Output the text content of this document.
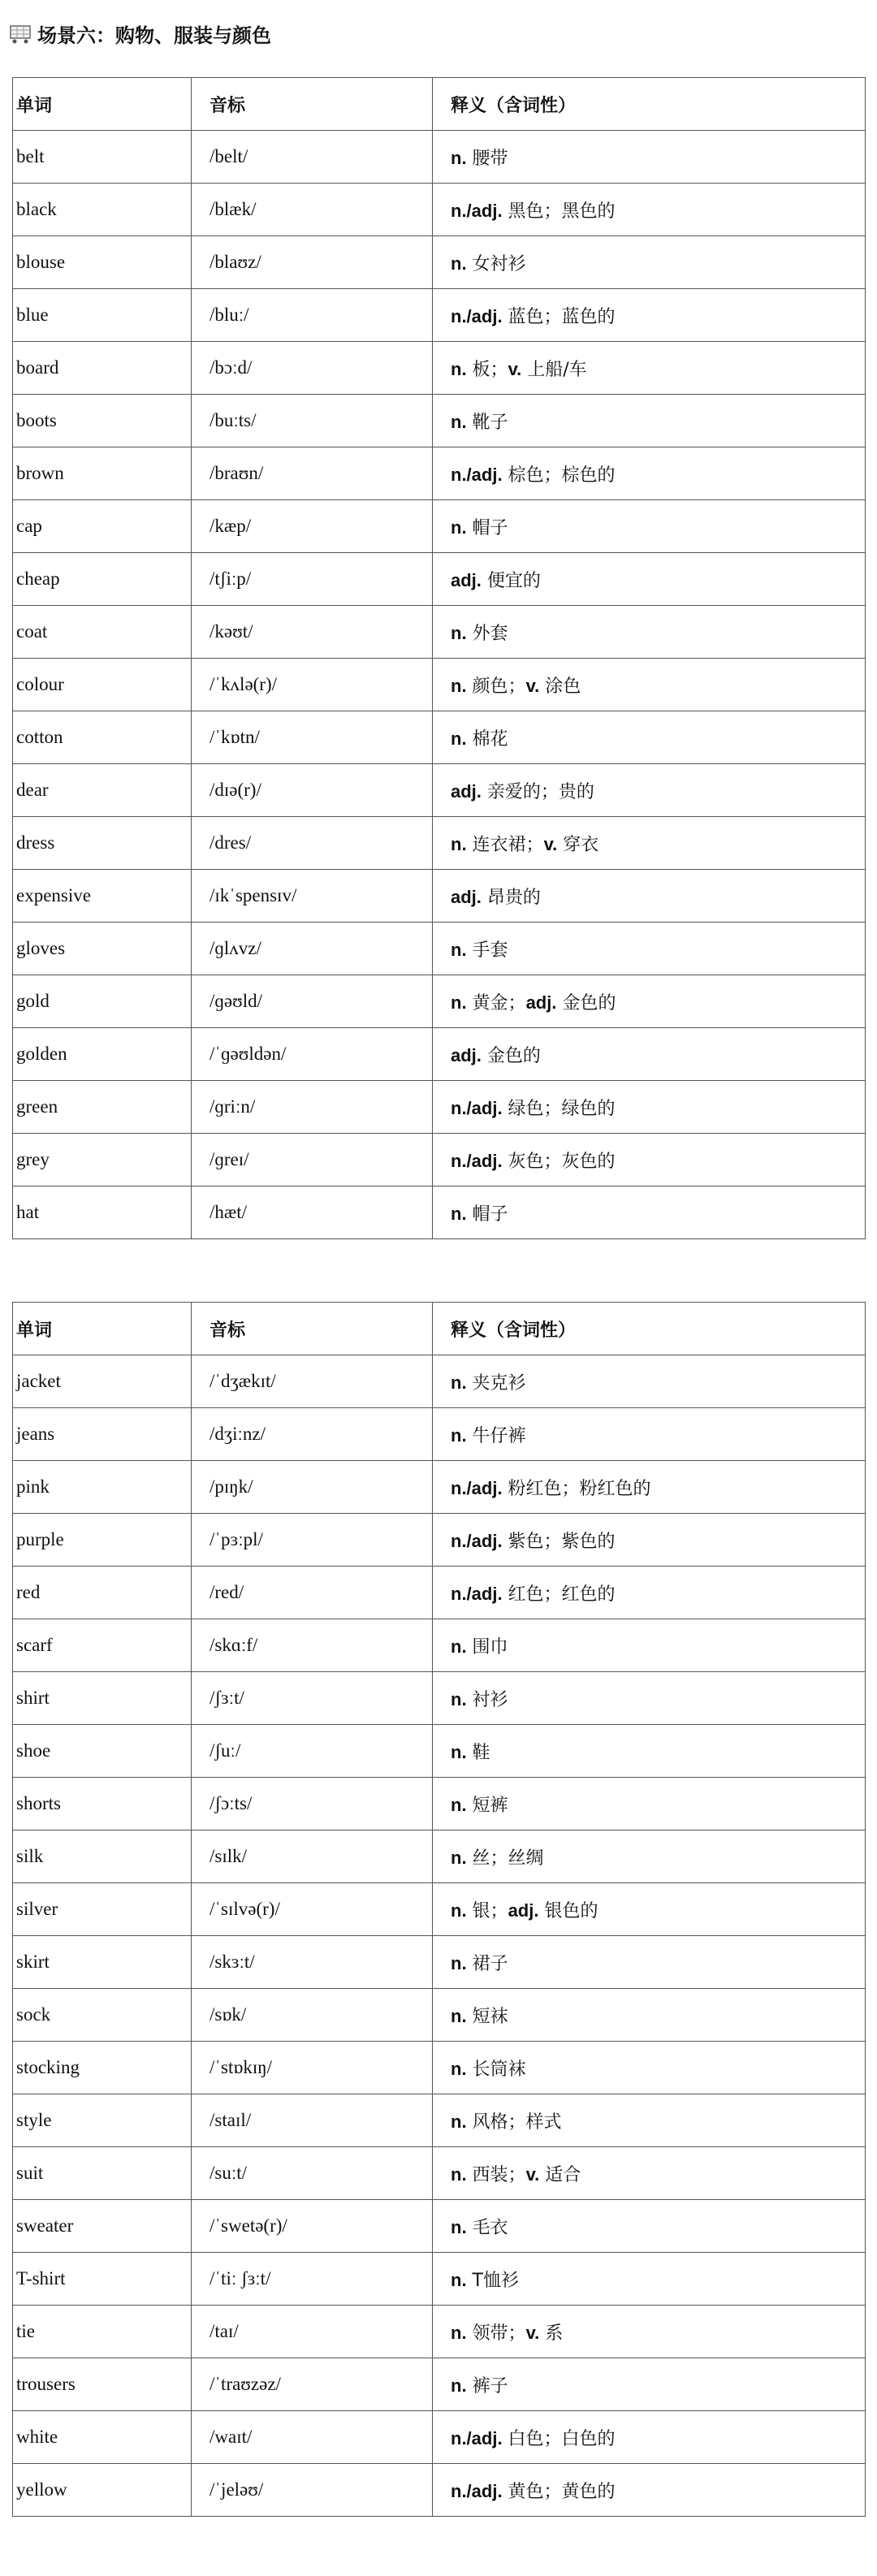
场景六：购物、服装与颜色
单词	音标	释义（含词性）
belt	/belt/	n. 腰带
black	/blæk/	n./adj. 黑色；黑色的
blouse	/blaʊz/	n. 女衬衫
blue	/bluː/	n./adj. 蓝色；蓝色的
board	/bɔːd/	n. 板；v. 上船/车
boots	/buːts/	n. 靴子
brown	/braʊn/	n./adj. 棕色；棕色的
cap	/kæp/	n. 帽子
cheap	/tʃiːp/	adj. 便宜的
coat	/kəʊt/	n. 外套
colour	/ˈkʌlə(r)/	n. 颜色；v. 涂色
cotton	/ˈkɒtn/	n. 棉花
dear	/dɪə(r)/	adj. 亲爱的；贵的
dress	/dres/	n. 连衣裙；v. 穿衣
expensive	/ɪkˈspensɪv/	adj. 昂贵的
gloves	/ɡlʌvz/	n. 手套
gold	/ɡəʊld/	n. 黄金；adj. 金色的
golden	/ˈɡəʊldən/	adj. 金色的
green	/ɡriːn/	n./adj. 绿色；绿色的
grey	/ɡreɪ/	n./adj. 灰色；灰色的
hat	/hæt/	n. 帽子
单词	音标	释义（含词性）
jacket	/ˈdʒækɪt/	n. 夹克衫
jeans	/dʒiːnz/	n. 牛仔裤
pink	/pɪŋk/	n./adj. 粉红色；粉红色的
purple	/ˈpɜːpl/	n./adj. 紫色；紫色的
red	/red/	n./adj. 红色；红色的
scarf	/skɑːf/	n. 围巾
shirt	/ʃɜːt/	n. 衬衫
shoe	/ʃuː/	n. 鞋
shorts	/ʃɔːts/	n. 短裤
silk	/sɪlk/	n. 丝；丝绸
silver	/ˈsɪlvə(r)/	n. 银；adj. 银色的
skirt	/skɜːt/	n. 裙子
sock	/sɒk/	n. 短袜
stocking	/ˈstɒkɪŋ/	n. 长筒袜
style	/staɪl/	n. 风格；样式
suit	/suːt/	n. 西装；v. 适合
sweater	/ˈswetə(r)/	n. 毛衣
T-shirt	/ˈtiː ʃɜːt/	n. T恤衫
tie	/taɪ/	n. 领带；v. 系
trousers	/ˈtraʊzəz/	n. 裤子
white	/waɪt/	n./adj. 白色；白色的
yellow	/ˈjeləʊ/	n./adj. 黄色；黄色的
